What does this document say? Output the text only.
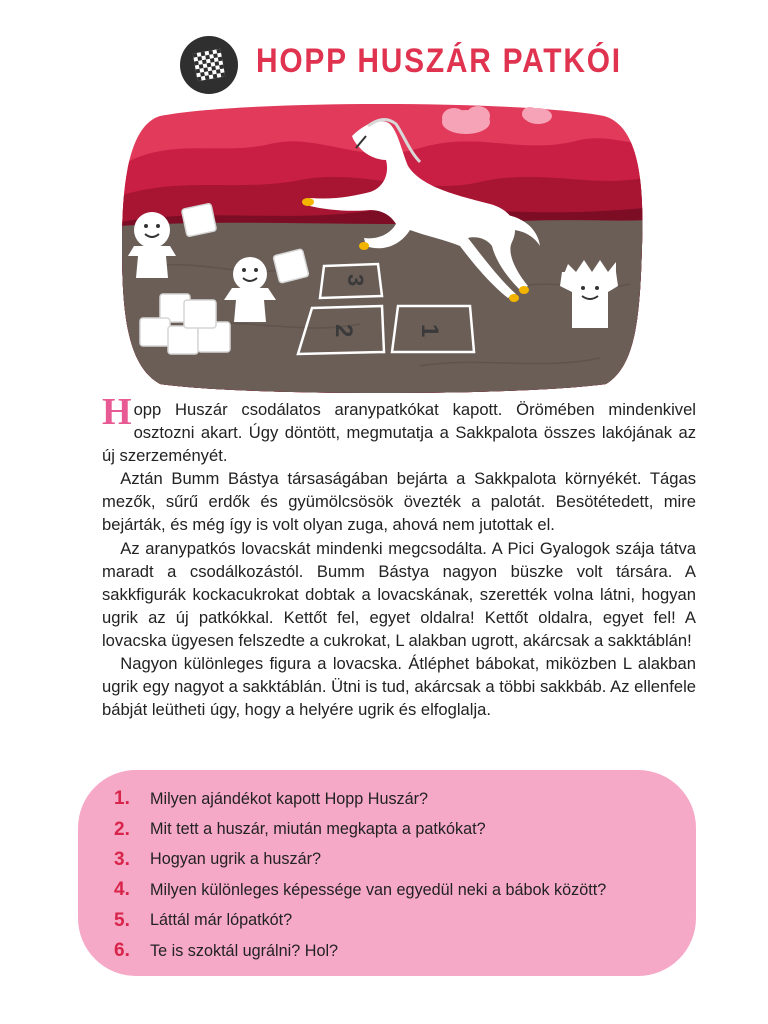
HOPP HUSZÁR PATKÓI
3
2 1

Hopp Huszár csodálatos aranypatkókat kapott. Örömében mindenkivel osztozni akart. Úgy döntött, megmutatja a Sakkpalota összes lakójának az új szerzeményét.

Aztán Bumm Bástya társaságában bejárta a Sakkpalota környékét. Tágas mezők, sűrű erdők és gyümölcsösök övezték a palotát. Besötétedett, mire bejárták, és még így is volt olyan zuga, ahová nem jutottak el.

Az aranypatkós lovacskát mindenki megcsodálta. A Pici Gyalogok szája tátva maradt a csodálkozástól. Bumm Bástya nagyon büszke volt társára. A sakkfigurák kockacukrokat dobtak a lovacskának, szerették volna látni, hogyan ugrik az új patkókkal. Kettőt fel, egyet oldalra! Kettőt oldalra, egyet fel! A lovacska ügyesen felszedte a cukrokat, L alakban ugrott, akárcsak a sakktáblán!

Nagyon különleges figura a lovacska. Átléphet bábokat, miközben L alakban ugrik egy nagyot a sakktáblán. Ütni is tud, akárcsak a többi sakkbáb. Az ellenfele bábját leütheti úgy, hogy a helyére ugrik és elfoglalja.

1.	Milyen ajándékot kapott Hopp Huszár?
2.	Mit tett a huszár, miután megkapta a patkókat?
3.	Hogyan ugrik a huszár?
4.	Milyen különleges képessége van egyedül neki a bábok között?
5.	Láttál már lópatkót?
6.	Te is szoktál ugrálni? Hol?
